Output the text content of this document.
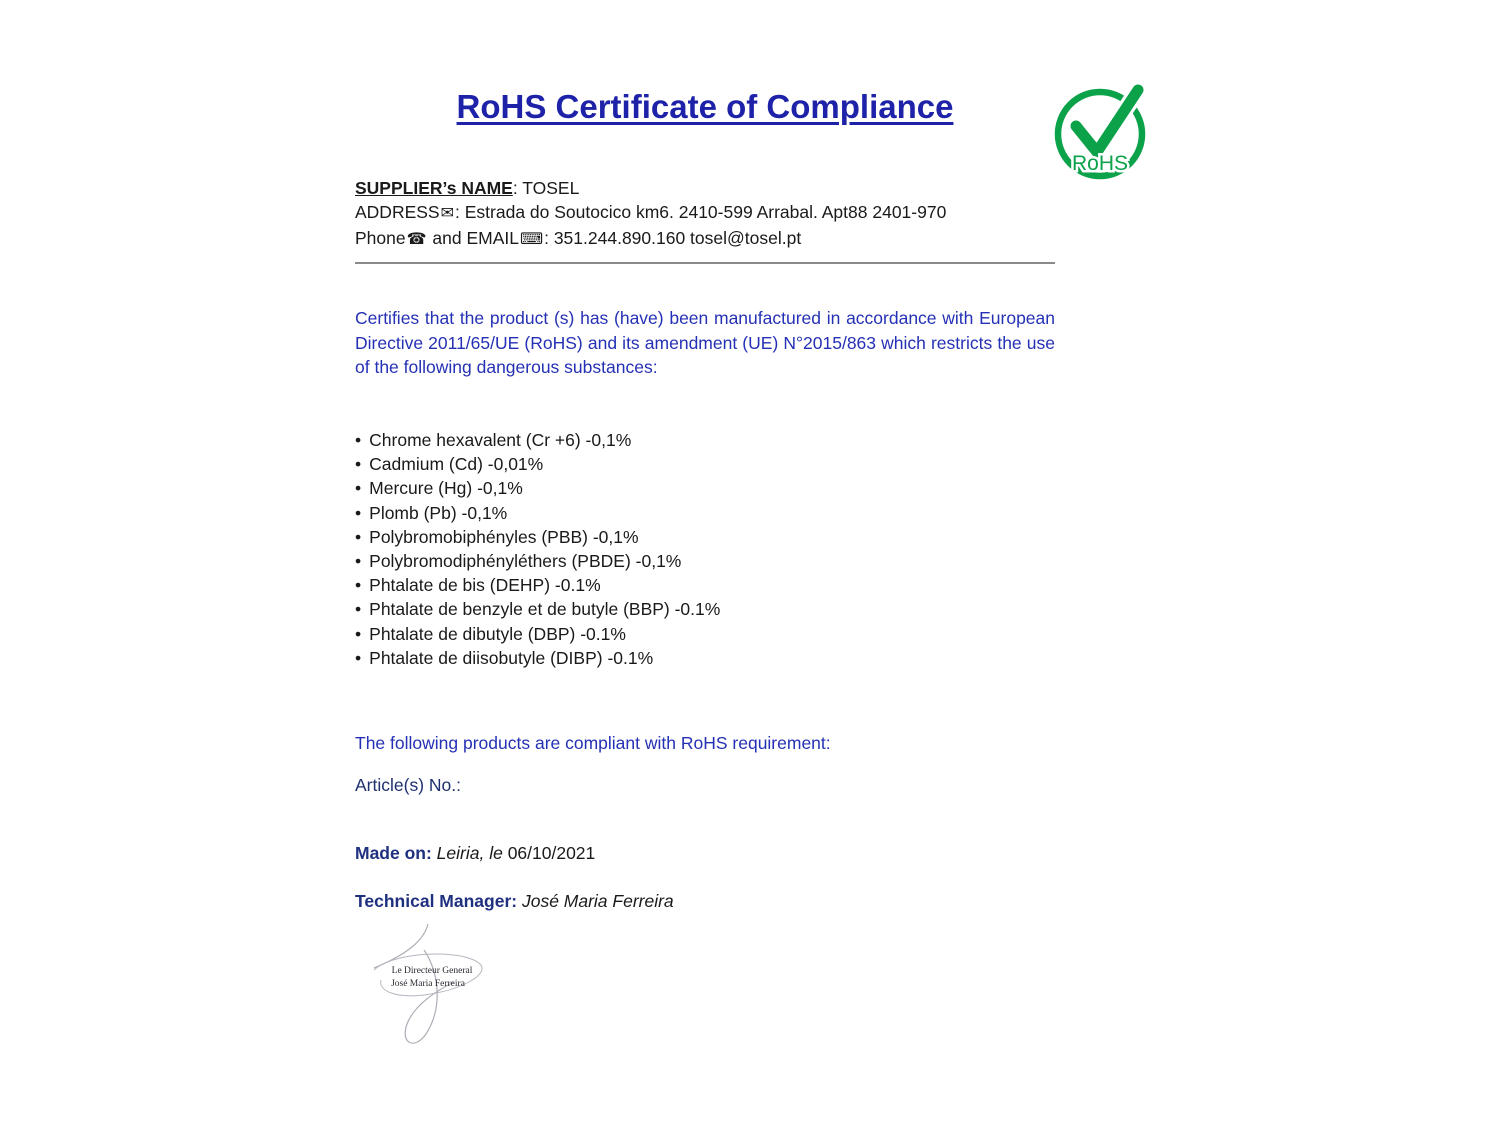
RoHS Certificate of Compliance
RoHS
SUPPLIER’s NAME: TOSEL
ADDRESS✉: Estrada do Soutocico km6. 2410-599 Arrabal. Apt88 2401-970
Phone☎ and EMAIL⌨: 351.244.890.160 tosel@tosel.pt

Certifies that the product (s) has (have) been manufactured in accordance with European Directive 2011/65/UE (RoHS) and its amendment (UE) N°2015/863 which restricts the use of the following dangerous substances:

• Chrome hexavalent (Cr +6) -0,1%
• Cadmium (Cd) -0,01%
• Mercure (Hg) -0,1%
• Plomb (Pb) -0,1%
• Polybromobiphényles (PBB) -0,1%
• Polybromodiphényléthers (PBDE) -0,1%
• Phtalate de bis (DEHP) -0.1%
• Phtalate de benzyle et de butyle (BBP) -0.1%
• Phtalate de dibutyle (DBP) -0.1%
• Phtalate de diisobutyle (DIBP) -0.1%
The following products are compliant with RoHS requirement:
Article(s) No.:
Made on: Leiria, le 06/10/2021
Technical Manager: José Maria Ferreira
Le Directeur General
José Maria Ferreira
